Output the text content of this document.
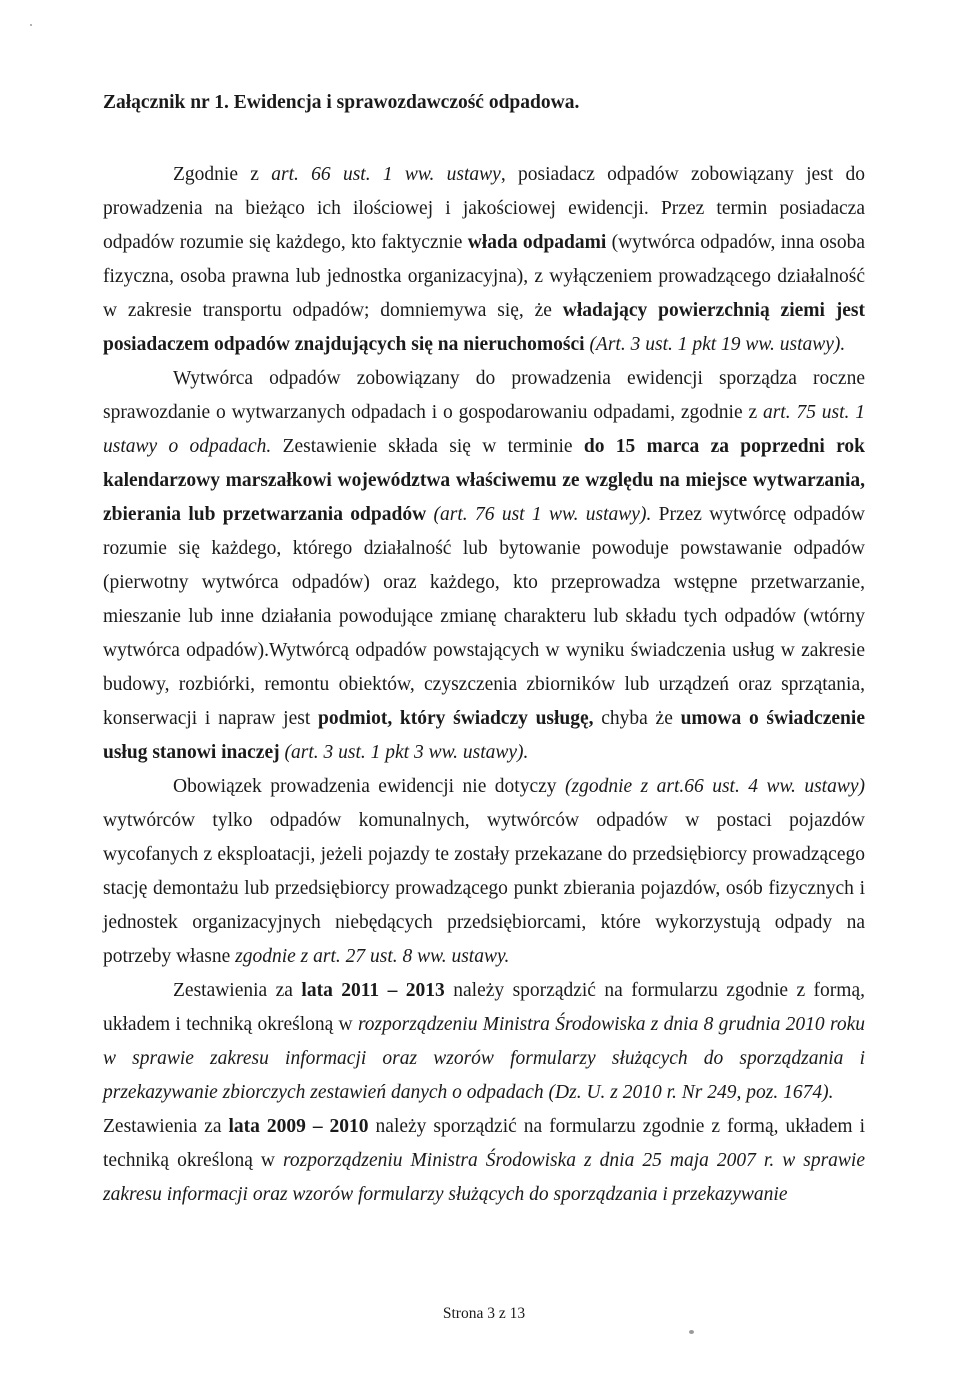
Załącznik nr 1. Ewidencja i sprawozdawczość odpadowa.

Zgodnie z art. 66 ust. 1 ww. ustawy, posiadacz odpadów zobowiązany jest do prowadzenia na bieżąco ich ilościowej i jakościowej ewidencji. Przez termin posiadacza odpadów rozumie się każdego, kto faktycznie włada odpadami (wytwórca odpadów, inna osoba fizyczna, osoba prawna lub jednostka organizacyjna), z wyłączeniem prowadzącego działalność w zakresie transportu odpadów; domniemywa się, że władający powierzchnią ziemi jest posiadaczem odpadów znajdujących się na nieruchomości (Art. 3 ust. 1 pkt 19 ww. ustawy).

Wytwórca odpadów zobowiązany do prowadzenia ewidencji sporządza roczne sprawozdanie o wytwarzanych odpadach i o gospodarowaniu odpadami, zgodnie z art. 75 ust. 1 ustawy o odpadach. Zestawienie składa się w terminie do 15 marca za poprzedni rok kalendarzowy marszałkowi województwa właściwemu ze względu na miejsce wytwarzania, zbierania lub przetwarzania odpadów (art. 76 ust 1 ww. ustawy). Przez wytwórcę odpadów rozumie się każdego, którego działalność lub bytowanie powoduje powstawanie odpadów (pierwotny wytwórca odpadów) oraz każdego, kto przeprowadza wstępne przetwarzanie, mieszanie lub inne działania powodujące zmianę charakteru lub składu tych odpadów (wtórny wytwórca odpadów).Wytwórcą odpadów powstających w wyniku świadczenia usług w zakresie budowy, rozbiórki, remontu obiektów, czyszczenia zbiorników lub urządzeń oraz sprzątania, konserwacji i napraw jest podmiot, który świadczy usługę, chyba że umowa o świadczenie usług stanowi inaczej (art. 3 ust. 1 pkt 3 ww. ustawy).

Obowiązek prowadzenia ewidencji nie dotyczy (zgodnie z art.66 ust. 4 ww. ustawy) wytwórców tylko odpadów komunalnych, wytwórców odpadów w postaci pojazdów wycofanych z eksploatacji, jeżeli pojazdy te zostały przekazane do przedsiębiorcy prowadzącego stację demontażu lub przedsiębiorcy prowadzącego punkt zbierania pojazdów, osób fizycznych i jednostek organizacyjnych niebędących przedsiębiorcami, które wykorzystują odpady na potrzeby własne zgodnie z art. 27 ust. 8 ww. ustawy.

Zestawienia za lata 2011 – 2013 należy sporządzić na formularzu zgodnie z formą, układem i techniką określoną w rozporządzeniu Ministra Środowiska z dnia 8 grudnia 2010 roku w sprawie zakresu informacji oraz wzorów formularzy służących do sporządzania i przekazywanie zbiorczych zestawień danych o odpadach (Dz. U. z 2010 r. Nr 249, poz. 1674).

Zestawienia za lata 2009 – 2010 należy sporządzić na formularzu zgodnie z formą, układem i techniką określoną w rozporządzeniu Ministra Środowiska z dnia 25 maja 2007 r. w sprawie zakresu informacji oraz wzorów formularzy służących do sporządzania i przekazywanie

Strona 3 z 13
